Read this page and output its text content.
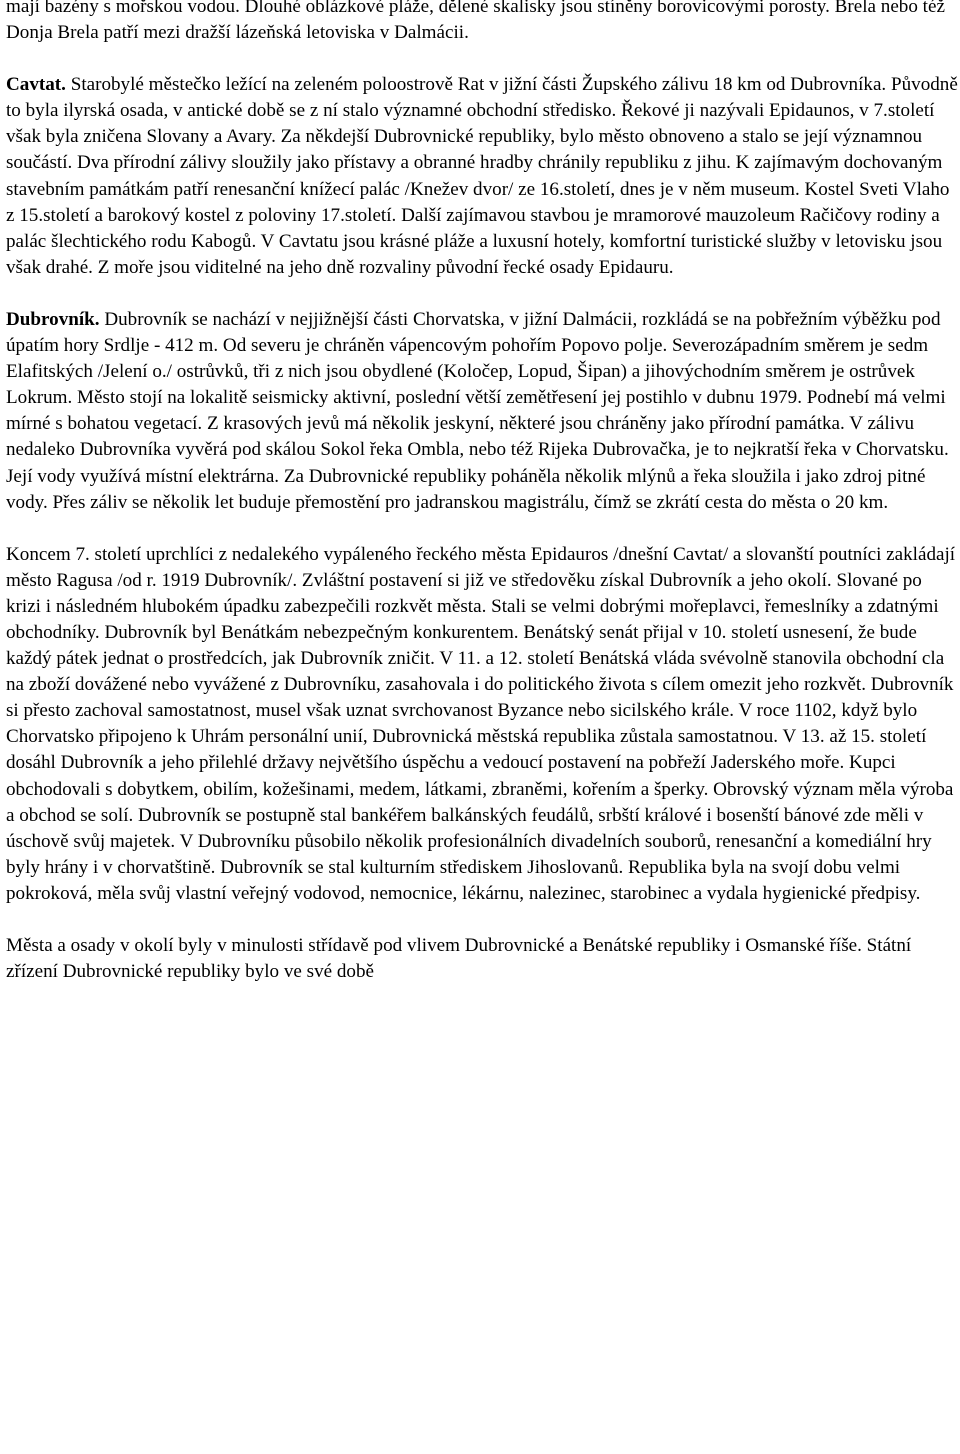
mají bazény s mořskou vodou. Dlouhé oblázkové pláže, dělené skalisky jsou stíněny borovicovými porosty. Brela nebo též Donja Brela patří mezi dražší lázeňská letoviska v Dalmácii.

Cavtat. Starobylé městečko ležící na zeleném poloostrově Rat v jižní části Župského zálivu 18 km od Dubrovníka. Původně to byla ilyrská osada, v antické době se z ní stalo významné obchodní středisko. Řekové ji nazývali Epidaunos, v 7.století však byla zničena Slovany a Avary. Za někdejší Dubrovnické republiky, bylo město obnoveno a stalo se její významnou součástí. Dva přírodní zálivy sloužily jako přístavy a obranné hradby chránily republiku z jihu. K zajímavým dochovaným stavebním památkám patří renesanční knížecí palác /Knežev dvor/ ze 16.století, dnes je v něm museum. Kostel Sveti Vlaho z 15.století a barokový kostel z poloviny 17.století. Další zajímavou stavbou je mramorové mauzoleum Račičovy rodiny a palác šlechtického rodu Kabogů. V Cavtatu jsou krásné pláže a luxusní hotely, komfortní turistické služby v letovisku jsou však drahé. Z moře jsou viditelné na jeho dně rozvaliny původní řecké osady Epidauru.

Dubrovník. Dubrovník se nachází v nejjižnější části Chorvatska, v jižní Dalmácii, rozkládá se na pobřežním výběžku pod úpatím hory Srdlje - 412 m. Od severu je chráněn vápencovým pohořím Popovo polje. Severozápadním směrem je sedm Elafitských /Jelení o./ ostrůvků, tři z nich jsou obydlené (Koločep, Lopud, Šipan) a jihovýchodním směrem je ostrůvek Lokrum. Město stojí na lokalitě seismicky aktivní, poslední větší zemětřesení jej postihlo v dubnu 1979. Podnebí má velmi mírné s bohatou vegetací. Z krasových jevů má několik jeskyní, některé jsou chráněny jako přírodní památka. V zálivu nedaleko Dubrovníka vyvěrá pod skálou Sokol řeka Ombla, nebo též Rijeka Dubrovačka, je to nejkratší řeka v Chorvatsku. Její vody využívá místní elektrárna. Za Dubrovnické republiky poháněla několik mlýnů a řeka sloužila i jako zdroj pitné vody. Přes záliv se několik let buduje přemostění pro jadranskou magistrálu, čímž se zkrátí cesta do města o 20 km.

Koncem 7. století uprchlíci z nedalekého vypáleného řeckého města Epidauros /dnešní Cavtat/ a slovanští poutníci zakládají město Ragusa /od r. 1919 Dubrovník/. Zvláštní postavení si již ve středověku získal Dubrovník a jeho okolí. Slované po krizi i následném hlubokém úpadku zabezpečili rozkvět města. Stali se velmi dobrými mořeplavci, řemeslníky a zdatnými obchodníky. Dubrovník byl Benátkám nebezpečným konkurentem. Benátský senát přijal v 10. století usnesení, že bude každý pátek jednat o prostředcích, jak Dubrovník zničit. V 11. a 12. století Benátská vláda svévolně stanovila obchodní cla na zboží dovážené nebo vyvážené z Dubrovníku, zasahovala i do politického života s cílem omezit jeho rozkvět. Dubrovník si přesto zachoval samostatnost, musel však uznat svrchovanost Byzance nebo sicilského krále. V roce 1102, když bylo Chorvatsko připojeno k Uhrám personální unií, Dubrovnická městská republika zůstala samostatnou. V 13. až 15. století dosáhl Dubrovník a jeho přilehlé državy největšího úspěchu a vedoucí postavení na pobřeží Jaderského moře. Kupci obchodovali s dobytkem, obilím, kožešinami, medem, látkami, zbraněmi, kořením a šperky. Obrovský význam měla výroba a obchod se solí. Dubrovník se postupně stal bankéřem balkánských feudálů, srbští králové i bosenští bánové zde měli v úschově svůj majetek. V Dubrovníku působilo několik profesionálních divadelních souborů, renesanční a komediální hry byly hrány i v chorvatštině. Dubrovník se stal kulturním střediskem Jihoslovanů. Republika byla na svojí dobu velmi pokroková, měla svůj vlastní veřejný vodovod, nemocnice, lékárnu, nalezinec, starobinec a vydala hygienické předpisy.

Města a osady v okolí byly v minulosti střídavě pod vlivem Dubrovnické a Benátské republiky i Osmanské říše. Státní zřízení Dubrovnické republiky bylo ve své době
